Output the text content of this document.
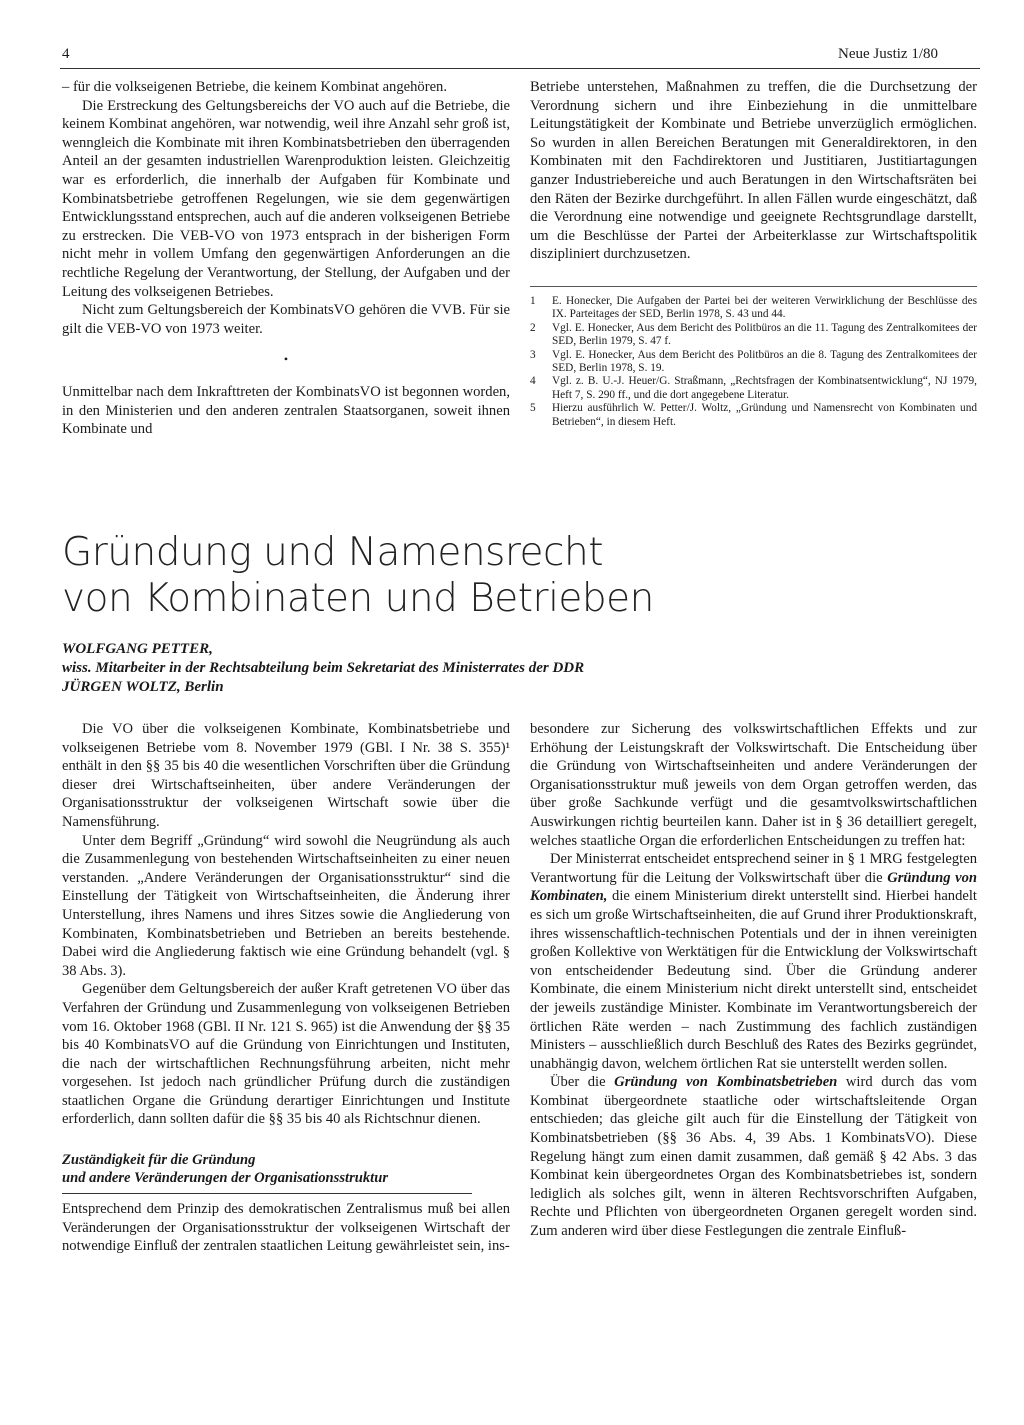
4	Neue Justiz 1/80

– für die volkseigenen Betriebe, die keinem Kombinat angehören.

Die Erstreckung des Geltungsbereichs der VO auch auf die Betriebe, die keinem Kombinat angehören, war notwendig, weil ihre Anzahl sehr groß ist, wenngleich die Kombinate mit ihren Kombinatsbetrieben den überragenden Anteil an der gesamten industriellen Warenproduktion leisten. Gleichzeitig war es erforderlich, die innerhalb der Aufgaben für Kombinate und Kombinatsbetriebe getroffenen Regelungen, wie sie dem gegenwärtigen Entwicklungsstand entsprechen, auch auf die anderen volkseigenen Betriebe zu erstrecken. Die VEB-VO von 1973 entsprach in der bisherigen Form nicht mehr in vollem Umfang den gegenwärtigen Anforderungen an die rechtliche Regelung der Verantwortung, der Stellung, der Aufgaben und der Leitung des volkseigenen Betriebes.

Nicht zum Geltungsbereich der KombinatsVO gehören die VVB. Für sie gilt die VEB-VO von 1973 weiter.

•

Unmittelbar nach dem Inkrafttreten der KombinatsVO ist begonnen worden, in den Ministerien und den anderen zentralen Staatsorganen, soweit ihnen Kombinate und

Betriebe unterstehen, Maßnahmen zu treffen, die die Durchsetzung der Verordnung sichern und ihre Einbeziehung in die unmittelbare Leitungstätigkeit der Kombinate und Betriebe unverzüglich ermöglichen. So wurden in allen Bereichen Beratungen mit Generaldirektoren, in den Kombinaten mit den Fachdirektoren und Justitiaren, Justitiartagungen ganzer Industriebereiche und auch Beratungen in den Wirtschaftsräten bei den Räten der Bezirke durchgeführt. In allen Fällen wurde eingeschätzt, daß die Verordnung eine notwendige und geeignete Rechtsgrundlage darstellt, um die Beschlüsse der Partei der Arbeiterklasse zur Wirtschaftspolitik diszipliniert durchzusetzen.

1	E. Honecker, Die Aufgaben der Partei bei der weiteren Verwirklichung der Beschlüsse des IX. Parteitages der SED, Berlin 1978, S. 43 und 44.
2	Vgl. E. Honecker, Aus dem Bericht des Politbüros an die 11. Tagung des Zentralkomitees der SED, Berlin 1979, S. 47 f.
3	Vgl. E. Honecker, Aus dem Bericht des Politbüros an die 8. Tagung des Zentralkomitees der SED, Berlin 1978, S. 19.
4	Vgl. z. B. U.-J. Heuer/G. Straßmann, „Rechtsfragen der Kombinatsentwicklung“, NJ 1979, Heft 7, S. 290 ff., und die dort angegebene Literatur.
5	Hierzu ausführlich W. Petter/J. Woltz, „Gründung und Namensrecht von Kombinaten und Betrieben“, in diesem Heft.
Gründung und Namensrecht
von Kombinaten und Betrieben
WOLFGANG PETTER,
wiss. Mitarbeiter in der Rechtsabteilung beim Sekretariat des Ministerrates der DDR
JÜRGEN WOLTZ, Berlin

Die VO über die volkseigenen Kombinate, Kombinatsbetriebe und volkseigenen Betriebe vom 8. November 1979 (GBl. I Nr. 38 S. 355)¹ enthält in den §§ 35 bis 40 die wesentlichen Vorschriften über die Gründung dieser drei Wirtschaftseinheiten, über andere Veränderungen der Organisationsstruktur der volkseigenen Wirtschaft sowie über die Namensführung.

Unter dem Begriff „Gründung“ wird sowohl die Neugründung als auch die Zusammenlegung von bestehenden Wirtschaftseinheiten zu einer neuen verstanden. „Andere Veränderungen der Organisationsstruktur“ sind die Einstellung der Tätigkeit von Wirtschaftseinheiten, die Änderung ihrer Unterstellung, ihres Namens und ihres Sitzes sowie die Angliederung von Kombinaten, Kombinatsbetrieben und Betrieben an bereits bestehende. Dabei wird die Angliederung faktisch wie eine Gründung behandelt (vgl. § 38 Abs. 3).

Gegenüber dem Geltungsbereich der außer Kraft getretenen VO über das Verfahren der Gründung und Zusammenlegung von volkseigenen Betrieben vom 16. Oktober 1968 (GBl. II Nr. 121 S. 965) ist die Anwendung der §§ 35 bis 40 KombinatsVO auf die Gründung von Einrichtungen und Instituten, die nach der wirtschaftlichen Rechnungsführung arbeiten, nicht mehr vorgesehen. Ist jedoch nach gründlicher Prüfung durch die zuständigen staatlichen Organe die Gründung derartiger Einrichtungen und Institute erforderlich, dann sollten dafür die §§ 35 bis 40 als Richtschnur dienen.

Zuständigkeit für die Gründung
und andere Veränderungen der Organisationsstruktur

Entsprechend dem Prinzip des demokratischen Zentralismus muß bei allen Veränderungen der Organisationsstruktur der volkseigenen Wirtschaft der notwendige Einfluß der zentralen staatlichen Leitung gewährleistet sein, ins-

besondere zur Sicherung des volkswirtschaftlichen Effekts und zur Erhöhung der Leistungskraft der Volkswirtschaft. Die Entscheidung über die Gründung von Wirtschaftseinheiten und andere Veränderungen der Organisationsstruktur muß jeweils von dem Organ getroffen werden, das über große Sachkunde verfügt und die gesamtvolkswirtschaftlichen Auswirkungen richtig beurteilen kann. Daher ist in § 36 detailliert geregelt, welches staatliche Organ die erforderlichen Entscheidungen zu treffen hat:

Der Ministerrat entscheidet entsprechend seiner in § 1 MRG festgelegten Verantwortung für die Leitung der Volkswirtschaft über die Gründung von Kombinaten, die einem Ministerium direkt unterstellt sind. Hierbei handelt es sich um große Wirtschaftseinheiten, die auf Grund ihrer Produktionskraft, ihres wissenschaftlich-technischen Potentials und der in ihnen vereinigten großen Kollektive von Werktätigen für die Entwicklung der Volkswirtschaft von entscheidender Bedeutung sind. Über die Gründung anderer Kombinate, die einem Ministerium nicht direkt unterstellt sind, entscheidet der jeweils zuständige Minister. Kombinate im Verantwortungsbereich der örtlichen Räte werden – nach Zustimmung des fachlich zuständigen Ministers – ausschließlich durch Beschluß des Rates des Bezirks gegründet, unabhängig davon, welchem örtlichen Rat sie unterstellt werden sollen.

Über die Gründung von Kombinatsbetrieben wird durch das vom Kombinat übergeordnete staatliche oder wirtschaftsleitende Organ entschieden; das gleiche gilt auch für die Einstellung der Tätigkeit von Kombinatsbetrieben (§§ 36 Abs. 4, 39 Abs. 1 KombinatsVO). Diese Regelung hängt zum einen damit zusammen, daß gemäß § 42 Abs. 3 das Kombinat kein übergeordnetes Organ des Kombinatsbetriebes ist, sondern lediglich als solches gilt, wenn in älteren Rechtsvorschriften Aufgaben, Rechte und Pflichten von übergeordneten Organen geregelt worden sind. Zum anderen wird über diese Festlegungen die zentrale Einfluß-
